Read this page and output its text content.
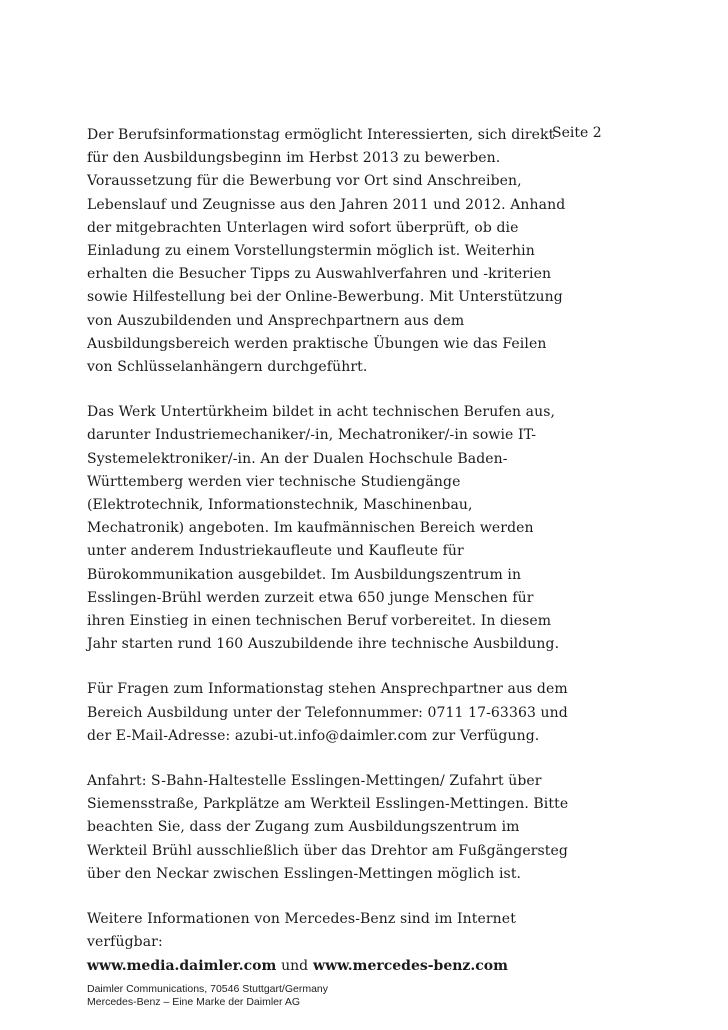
Seite 2
Der Berufsinformationstag ermöglicht Interessierten, sich direkt
für den Ausbildungsbeginn im Herbst 2013 zu bewerben.
Voraussetzung für die Bewerbung vor Ort sind Anschreiben,
Lebenslauf und Zeugnisse aus den Jahren 2011 und 2012. Anhand
der mitgebrachten Unterlagen wird sofort überprüft, ob die
Einladung zu einem Vorstellungstermin möglich ist. Weiterhin
erhalten die Besucher Tipps zu Auswahlverfahren und -kriterien
sowie Hilfestellung bei der Online-Bewerbung. Mit Unterstützung
von Auszubildenden und Ansprechpartnern aus dem
Ausbildungsbereich werden praktische Übungen wie das Feilen
von Schlüsselanhängern durchgeführt.
Das Werk Untertürkheim bildet in acht technischen Berufen aus,
darunter Industriemechaniker/-in, Mechatroniker/-in sowie IT-
Systemelektroniker/-in. An der Dualen Hochschule Baden-
Württemberg werden vier technische Studiengänge
(Elektrotechnik, Informationstechnik, Maschinenbau,
Mechatronik) angeboten. Im kaufmännischen Bereich werden
unter anderem Industriekaufleute und Kaufleute für
Bürokommunikation ausgebildet. Im Ausbildungszentrum in
Esslingen-Brühl werden zurzeit etwa 650 junge Menschen für
ihren Einstieg in einen technischen Beruf vorbereitet. In diesem
Jahr starten rund 160 Auszubildende ihre technische Ausbildung.
Für Fragen zum Informationstag stehen Ansprechpartner aus dem
Bereich Ausbildung unter der Telefonnummer: 0711 17-63363 und
der E-Mail-Adresse: azubi-ut.info@daimler.com zur Verfügung.
Anfahrt: S-Bahn-Haltestelle Esslingen-Mettingen/ Zufahrt über
Siemensstraße, Parkplätze am Werkteil Esslingen-Mettingen. Bitte
beachten Sie, dass der Zugang zum Ausbildungszentrum im
Werkteil Brühl ausschließlich über das Drehtor am Fußgängersteg
über den Neckar zwischen Esslingen-Mettingen möglich ist.
Weitere Informationen von Mercedes-Benz sind im Internet
verfügbar:
www.media.daimler.com und www.mercedes-benz.com
Daimler Communications, 70546 Stuttgart/Germany
Mercedes-Benz – Eine Marke der Daimler AG
